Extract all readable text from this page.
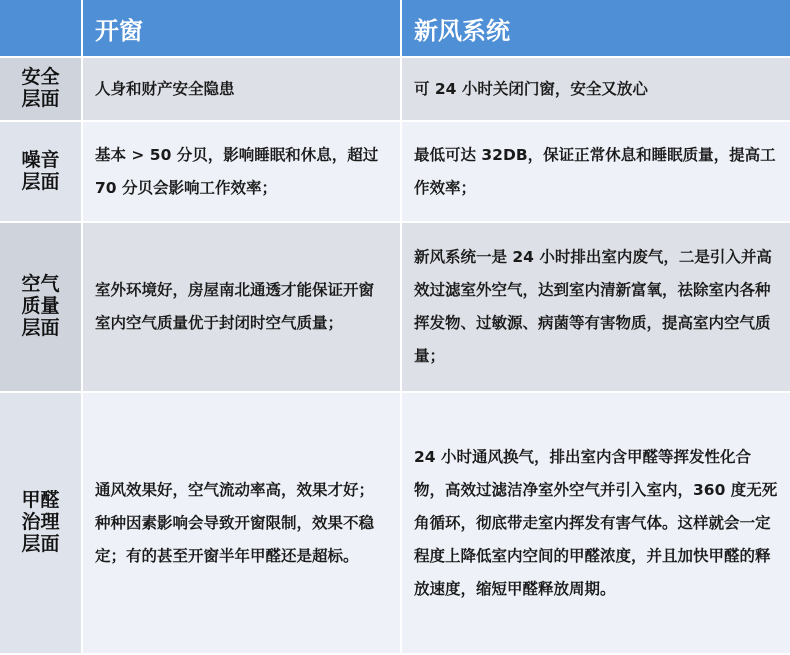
开窗	新风系统
安全层面 人身和财产安全隐患	可 24 小时关闭门窗，安全又放心
噪音层面
基本 > 50 分贝，影响睡眠和休息，超过 70 分贝会影响工作效率；
最低可达 32DB，保证正常休息和睡眠质量，提高工作效率；
空气质量层面
室外环境好，房屋南北通透才能保证开窗室内空气质量优于封闭时空气质量；
新风系统一是 24 小时排出室内废气，二是引入并高效过滤室外空气，达到室内清新富氧，祛除室内各种挥发物、过敏源、病菌等有害物质，提高室内空气质量；
甲醛治理层面
通风效果好，空气流动率高，效果才好；种种因素影响会导致开窗限制，效果不稳定；有的甚至开窗半年甲醛还是超标。
24 小时通风换气，排出室内含甲醛等挥发性化合物，高效过滤洁净室外空气并引入室内，360 度无死角循环，彻底带走室内挥发有害气体。这样就会一定程度上降低室内空间的甲醛浓度，并且加快甲醛的释放速度，缩短甲醛释放周期。
